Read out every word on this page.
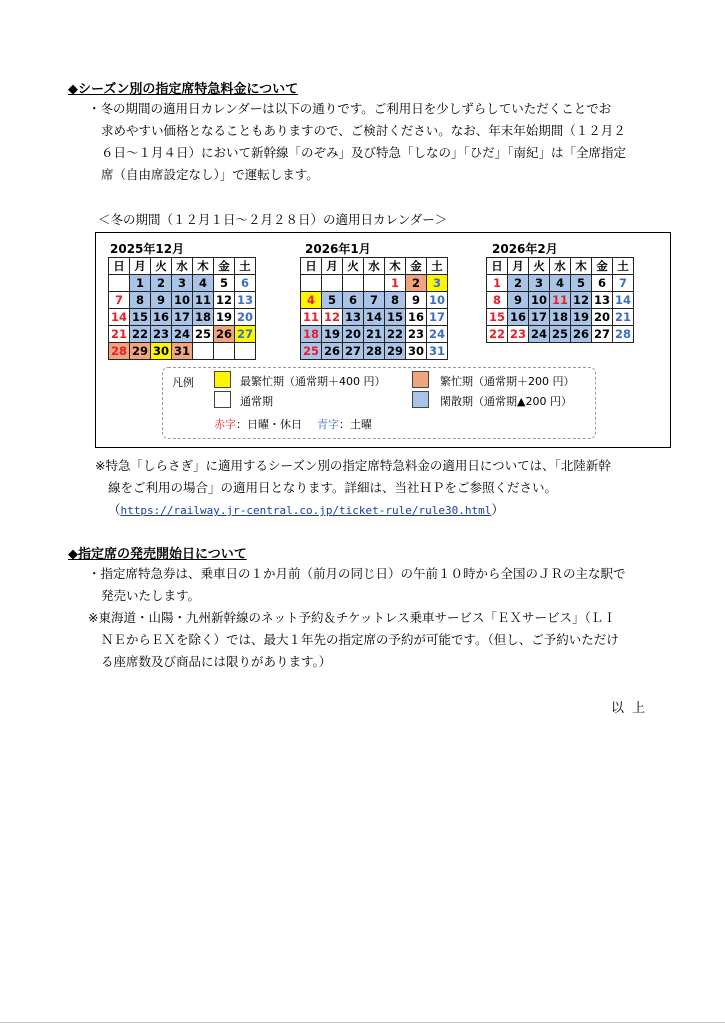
◆シーズン別の指定席特急料金について
・冬の期間の適用日カレンダーは以下の通りです。ご利用日を少しずらしていただくことでお
求めやすい価格となることもありますので、ご検討ください。なお、年末年始期間（１２月２
６日～１月４日）において新幹線「のぞみ」及び特急「しなの」「ひだ」「南紀」は「全席指定
席（自由席設定なし）」で運転します。
＜冬の期間（１２月１日～２月２８日）の適用日カレンダー＞
2025年12月	2026年1月	2026年2月
日	月	火	水	木	金	土
	1	2	3	4	5	6
7	8	9	10	11	12	13
14	15	16	17	18	19	20
21	22	23	24	25	26	27
28	29	30	31			
日	月	火	水	木	金	土
				1	2	3
4	5	6	7	8	9	10
11	12	13	14	15	16	17
18	19	20	21	22	23	24
25	26	27	28	29	30	31
日	月	火	水	木	金	土
1	2	3	4	5	6	7
8	9	10	11	12	13	14
15	16	17	18	19	20	21
22	23	24	25	26	27	28
凡例	最繁忙期（通常期＋400 円）	繁忙期（通常期＋200 円）
通常期	閑散期（通常期▲200 円）
赤字：日曜・休日 青字：土曜
※特急「しらさぎ」に適用するシーズン別の指定席特急料金の適用日については、「北陸新幹
線をご利用の場合」の適用日となります。詳細は、当社ＨＰをご参照ください。
（https://railway.jr-central.co.jp/ticket-rule/rule30.html）
◆指定席の発売開始日について
・指定席特急券は、乗車日の１か月前（前月の同じ日）の午前１０時から全国のＪＲの主な駅で
発売いたします。
※東海道・山陽・九州新幹線のネット予約＆チケットレス乗車サービス「ＥＸサービス」（ＬＩ
ＮＥからＥＸを除く）では、最大１年先の指定席の予約が可能です。（但し、ご予約いただけ
る座席数及び商品には限りがあります。）
以上
